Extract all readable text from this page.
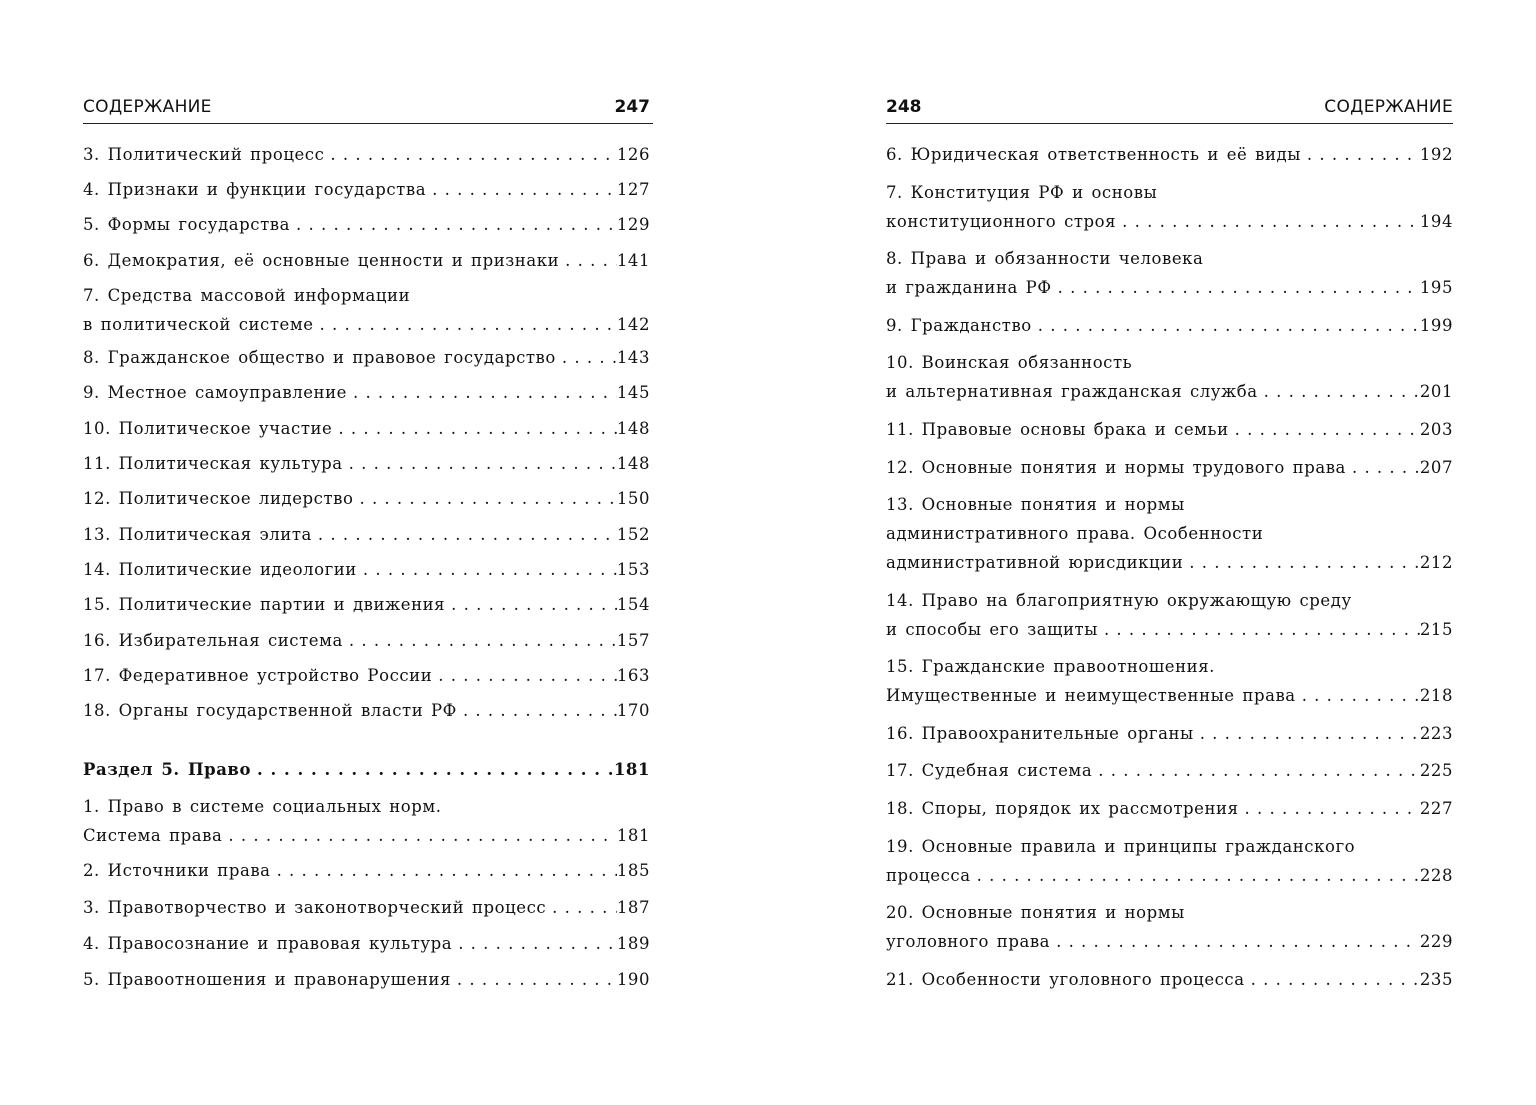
СОДЕРЖАНИЕ	247
3. Политический процесс . . .	126
4. Признаки и функции государства . . .	127
5. Формы государства . . .	129
6. Демократия, её основные ценности и признаки . . .	141
7. Средства массовой информации
в политической системе . . .	142
8. Гражданское общество и правовое государство . . .	143
9. Местное самоуправление . . .	145
10. Политическое участие . . .	148
11. Политическая культура . . .	148
12. Политическое лидерство . . .	150
13. Политическая элита . . .	152
14. Политические идеологии . . .	153
15. Политические партии и движения . . .	154
16. Избирательная система . . .	157
17. Федеративное устройство России . . .	163
18. Органы государственной власти РФ . . .	170
Раздел 5. Право . . .	181
1. Право в системе социальных норм.
Система права . . .	181
2. Источники права . . .	185
3. Правотворчество и законотворческий процесс . . .	187
4. Правосознание и правовая культура . . .	189
5. Правоотношения и правонарушения . . .	190
248	СОДЕРЖАНИЕ
6. Юридическая ответственность и её виды . . .	192
7. Конституция РФ и основы
конституционного строя . . .	194
8. Права и обязанности человека
и гражданина РФ . . .	195
9. Гражданство . . .	199
10. Воинская обязанность
и альтернативная гражданская служба . . .	201
11. Правовые основы брака и семьи . . .	203
12. Основные понятия и нормы трудового права . . .	207
13. Основные понятия и нормы
административного права. Особенности
административной юрисдикции . . .	212
14. Право на благоприятную окружающую среду
и способы его защиты . . .	215
15. Гражданские правоотношения.
Имущественные и неимущественные права . . .	218
16. Правоохранительные органы . . .	223
17. Судебная система . . .	225
18. Споры, порядок их рассмотрения . . .	227
19. Основные правила и принципы гражданского
процесса . . .	228
20. Основные понятия и нормы
уголовного права . . .	229
21. Особенности уголовного процесса . . .	235
